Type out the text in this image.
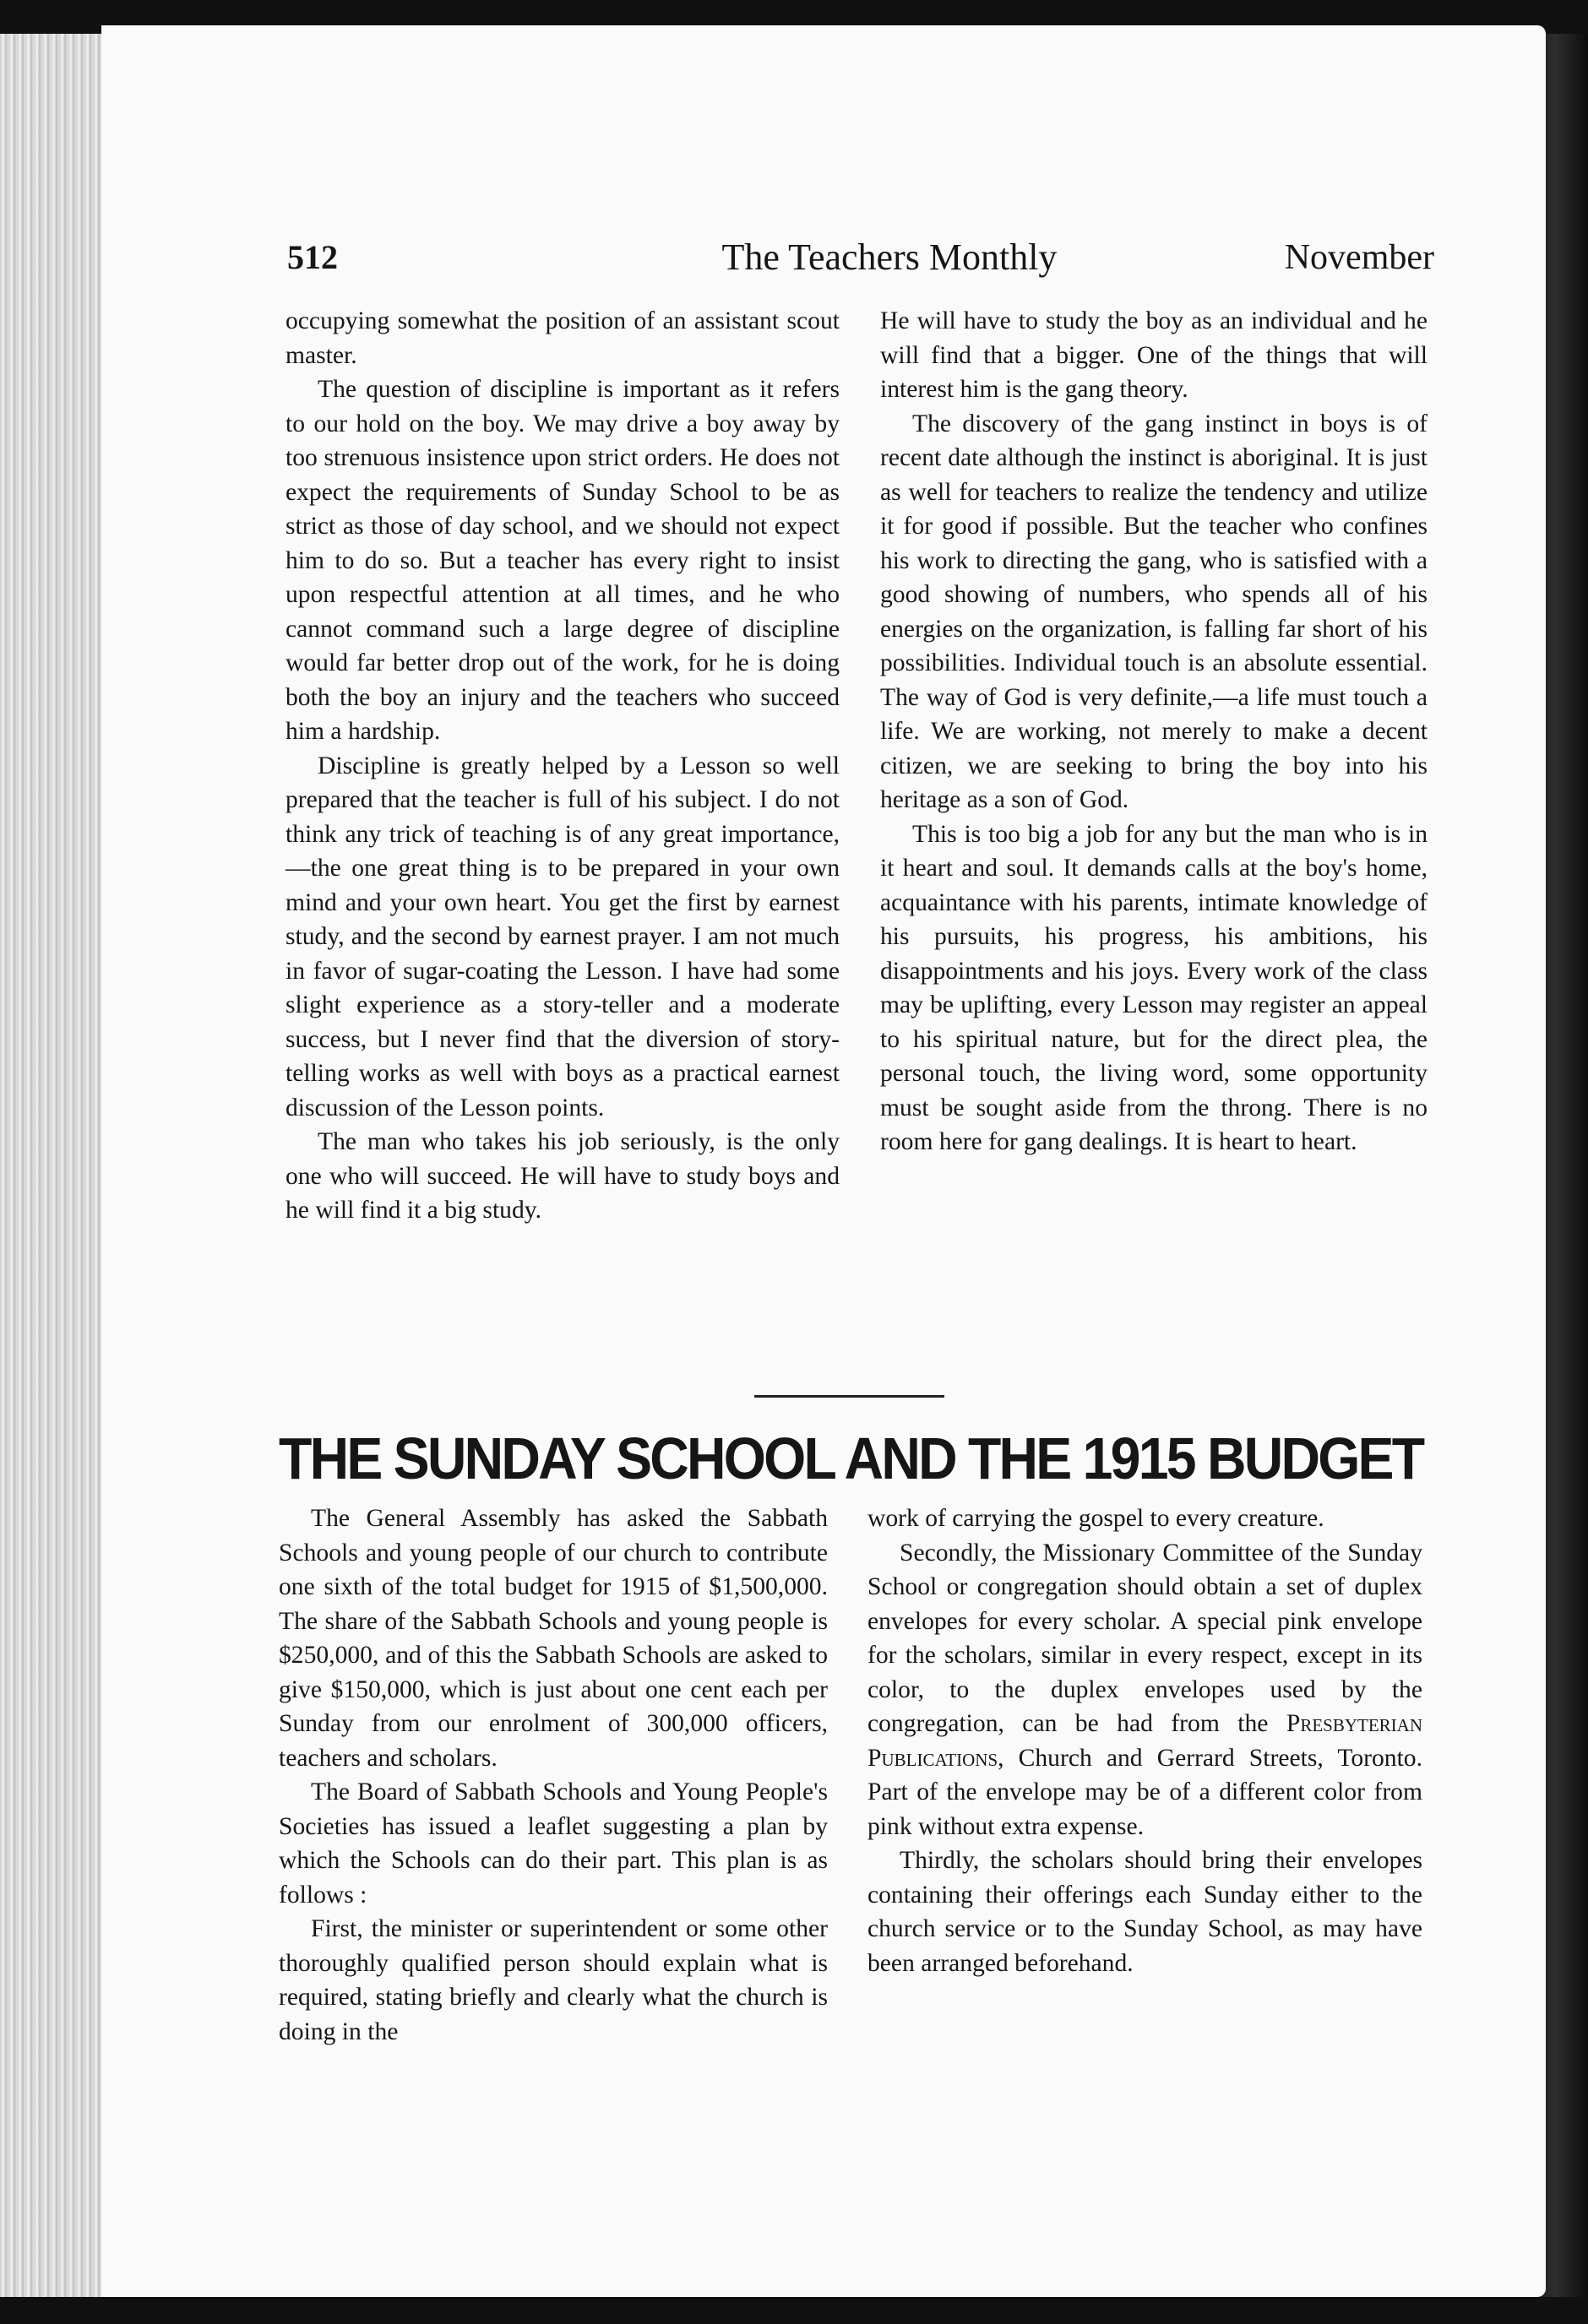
512	The Teachers Monthly	November

occupying somewhat the position of an assistant scout master.

The question of discipline is important as it refers to our hold on the boy. We may drive a boy away by too strenuous insistence upon strict orders. He does not expect the requirements of Sunday School to be as strict as those of day school, and we should not expect him to do so. But a teacher has every right to insist upon respectful attention at all times, and he who cannot command such a large degree of discipline would far better drop out of the work, for he is doing both the boy an injury and the teachers who succeed him a hardship.

Discipline is greatly helped by a Lesson so well prepared that the teacher is full of his subject. I do not think any trick of teaching is of any great importance,—the one great thing is to be prepared in your own mind and your own heart. You get the first by earnest study, and the second by earnest prayer. I am not much in favor of sugar-coating the Lesson. I have had some slight experience as a story-teller and a moderate success, but I never find that the diversion of story-telling works as well with boys as a practical earnest discussion of the Lesson points.

The man who takes his job seriously, is the only one who will succeed. He will have to study boys and he will find it a big study.

He will have to study the boy as an individual and he will find that a bigger. One of the things that will interest him is the gang theory.

The discovery of the gang instinct in boys is of recent date although the instinct is aboriginal. It is just as well for teachers to realize the tendency and utilize it for good if possible. But the teacher who confines his work to directing the gang, who is satisfied with a good showing of numbers, who spends all of his energies on the organization, is falling far short of his possibilities. Individual touch is an absolute essential. The way of God is very definite,—a life must touch a life. We are working, not merely to make a decent citizen, we are seeking to bring the boy into his heritage as a son of God.

This is too big a job for any but the man who is in it heart and soul. It demands calls at the boy's home, acquaintance with his parents, intimate knowledge of his pursuits, his progress, his ambitions, his disappointments and his joys. Every work of the class may be uplifting, every Lesson may register an appeal to his spiritual nature, but for the direct plea, the personal touch, the living word, some opportunity must be sought aside from the throng. There is no room here for gang dealings. It is heart to heart.

THE SUNDAY SCHOOL AND THE 1915 BUDGET

The General Assembly has asked the Sabbath Schools and young people of our church to contribute one sixth of the total budget for 1915 of $1,500,000. The share of the Sabbath Schools and young people is $250,000, and of this the Sabbath Schools are asked to give $150,000, which is just about one cent each per Sunday from our enrolment of 300,000 officers, teachers and scholars.

The Board of Sabbath Schools and Young People's Societies has issued a leaflet suggesting a plan by which the Schools can do their part. This plan is as follows :

First, the minister or superintendent or some other thoroughly qualified person should explain what is required, stating briefly and clearly what the church is doing in the

work of carrying the gospel to every creature.

Secondly, the Missionary Committee of the Sunday School or congregation should obtain a set of duplex envelopes for every scholar. A special pink envelope for the scholars, similar in every respect, except in its color, to the duplex envelopes used by the congregation, can be had from the Presbyterian Publications, Church and Gerrard Streets, Toronto. Part of the envelope may be of a different color from pink without extra expense.

Thirdly, the scholars should bring their envelopes containing their offerings each Sunday either to the church service or to the Sunday School, as may have been arranged beforehand.
